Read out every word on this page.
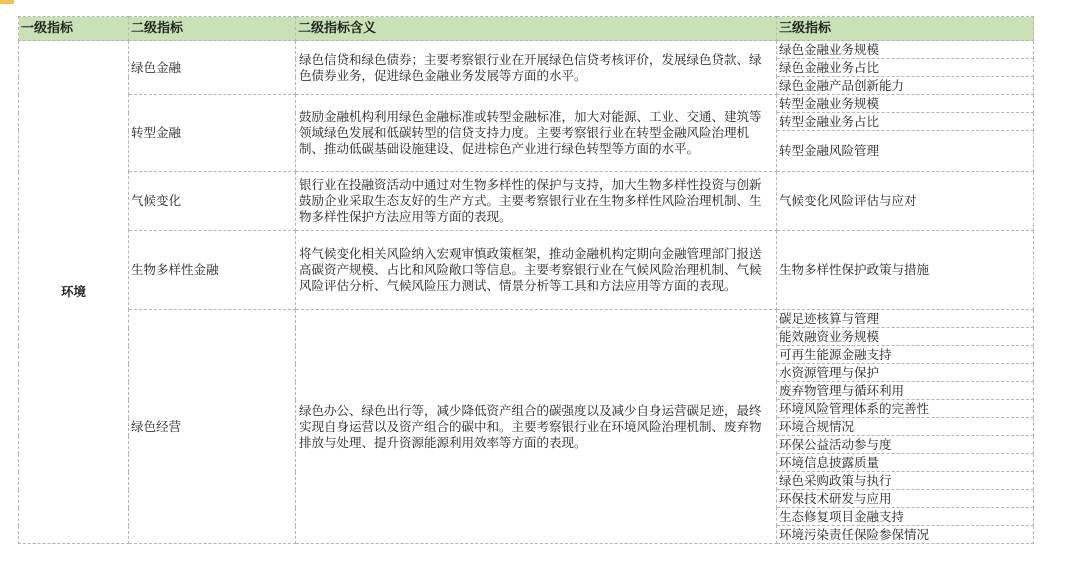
一级指标	二级指标	二级指标含义	三级指标
环境	绿色金融	绿色信贷和绿色债券；主要考察银行业在开展绿色信贷考核评价，发展绿色贷款、绿色债券业务，促进绿色金融业务发展等方面的水平。	绿色金融业务规模
			绿色金融业务占比
			绿色金融产品创新能力
	转型金融	鼓励金融机构利用绿色金融标准或转型金融标准，加大对能源、工业、交通、建筑等领域绿色发展和低碳转型的信贷支持力度。主要考察银行业在转型金融风险治理机制、推动低碳基础设施建设、促进棕色产业进行绿色转型等方面的水平。	转型金融业务规模
			转型金融业务占比
			转型金融风险管理
	气候变化	银行业在投融资活动中通过对生物多样性的保护与支持，加大生物多样性投资与创新鼓励企业采取生态友好的生产方式。主要考察银行业在生物多样性风险治理机制、生物多样性保护方法应用等方面的表现。	气候变化风险评估与应对
	生物多样性金融	将气候变化相关风险纳入宏观审慎政策框架，推动金融机构定期向金融管理部门报送高碳资产规模、占比和风险敞口等信息。主要考察银行业在气候风险治理机制、气候风险评估分析、气候风险压力测试、情景分析等工具和方法应用等方面的表现。	生物多样性保护政策与措施
	绿色经营	绿色办公、绿色出行等，减少降低资产组合的碳强度以及减少自身运营碳足迹，最终实现自身运营以及资产组合的碳中和。主要考察银行业在环境风险治理机制、废弃物排放与处理、提升资源能源利用效率等方面的表现。	碳足迹核算与管理
			能效融资业务规模
			可再生能源金融支持
			水资源管理与保护
			废弃物管理与循环利用
			环境风险管理体系的完善性
			环境合规情况
			环保公益活动参与度
			环境信息披露质量
			绿色采购政策与执行
			环保技术研发与应用
			生态修复项目金融支持
			环境污染责任保险参保情况
